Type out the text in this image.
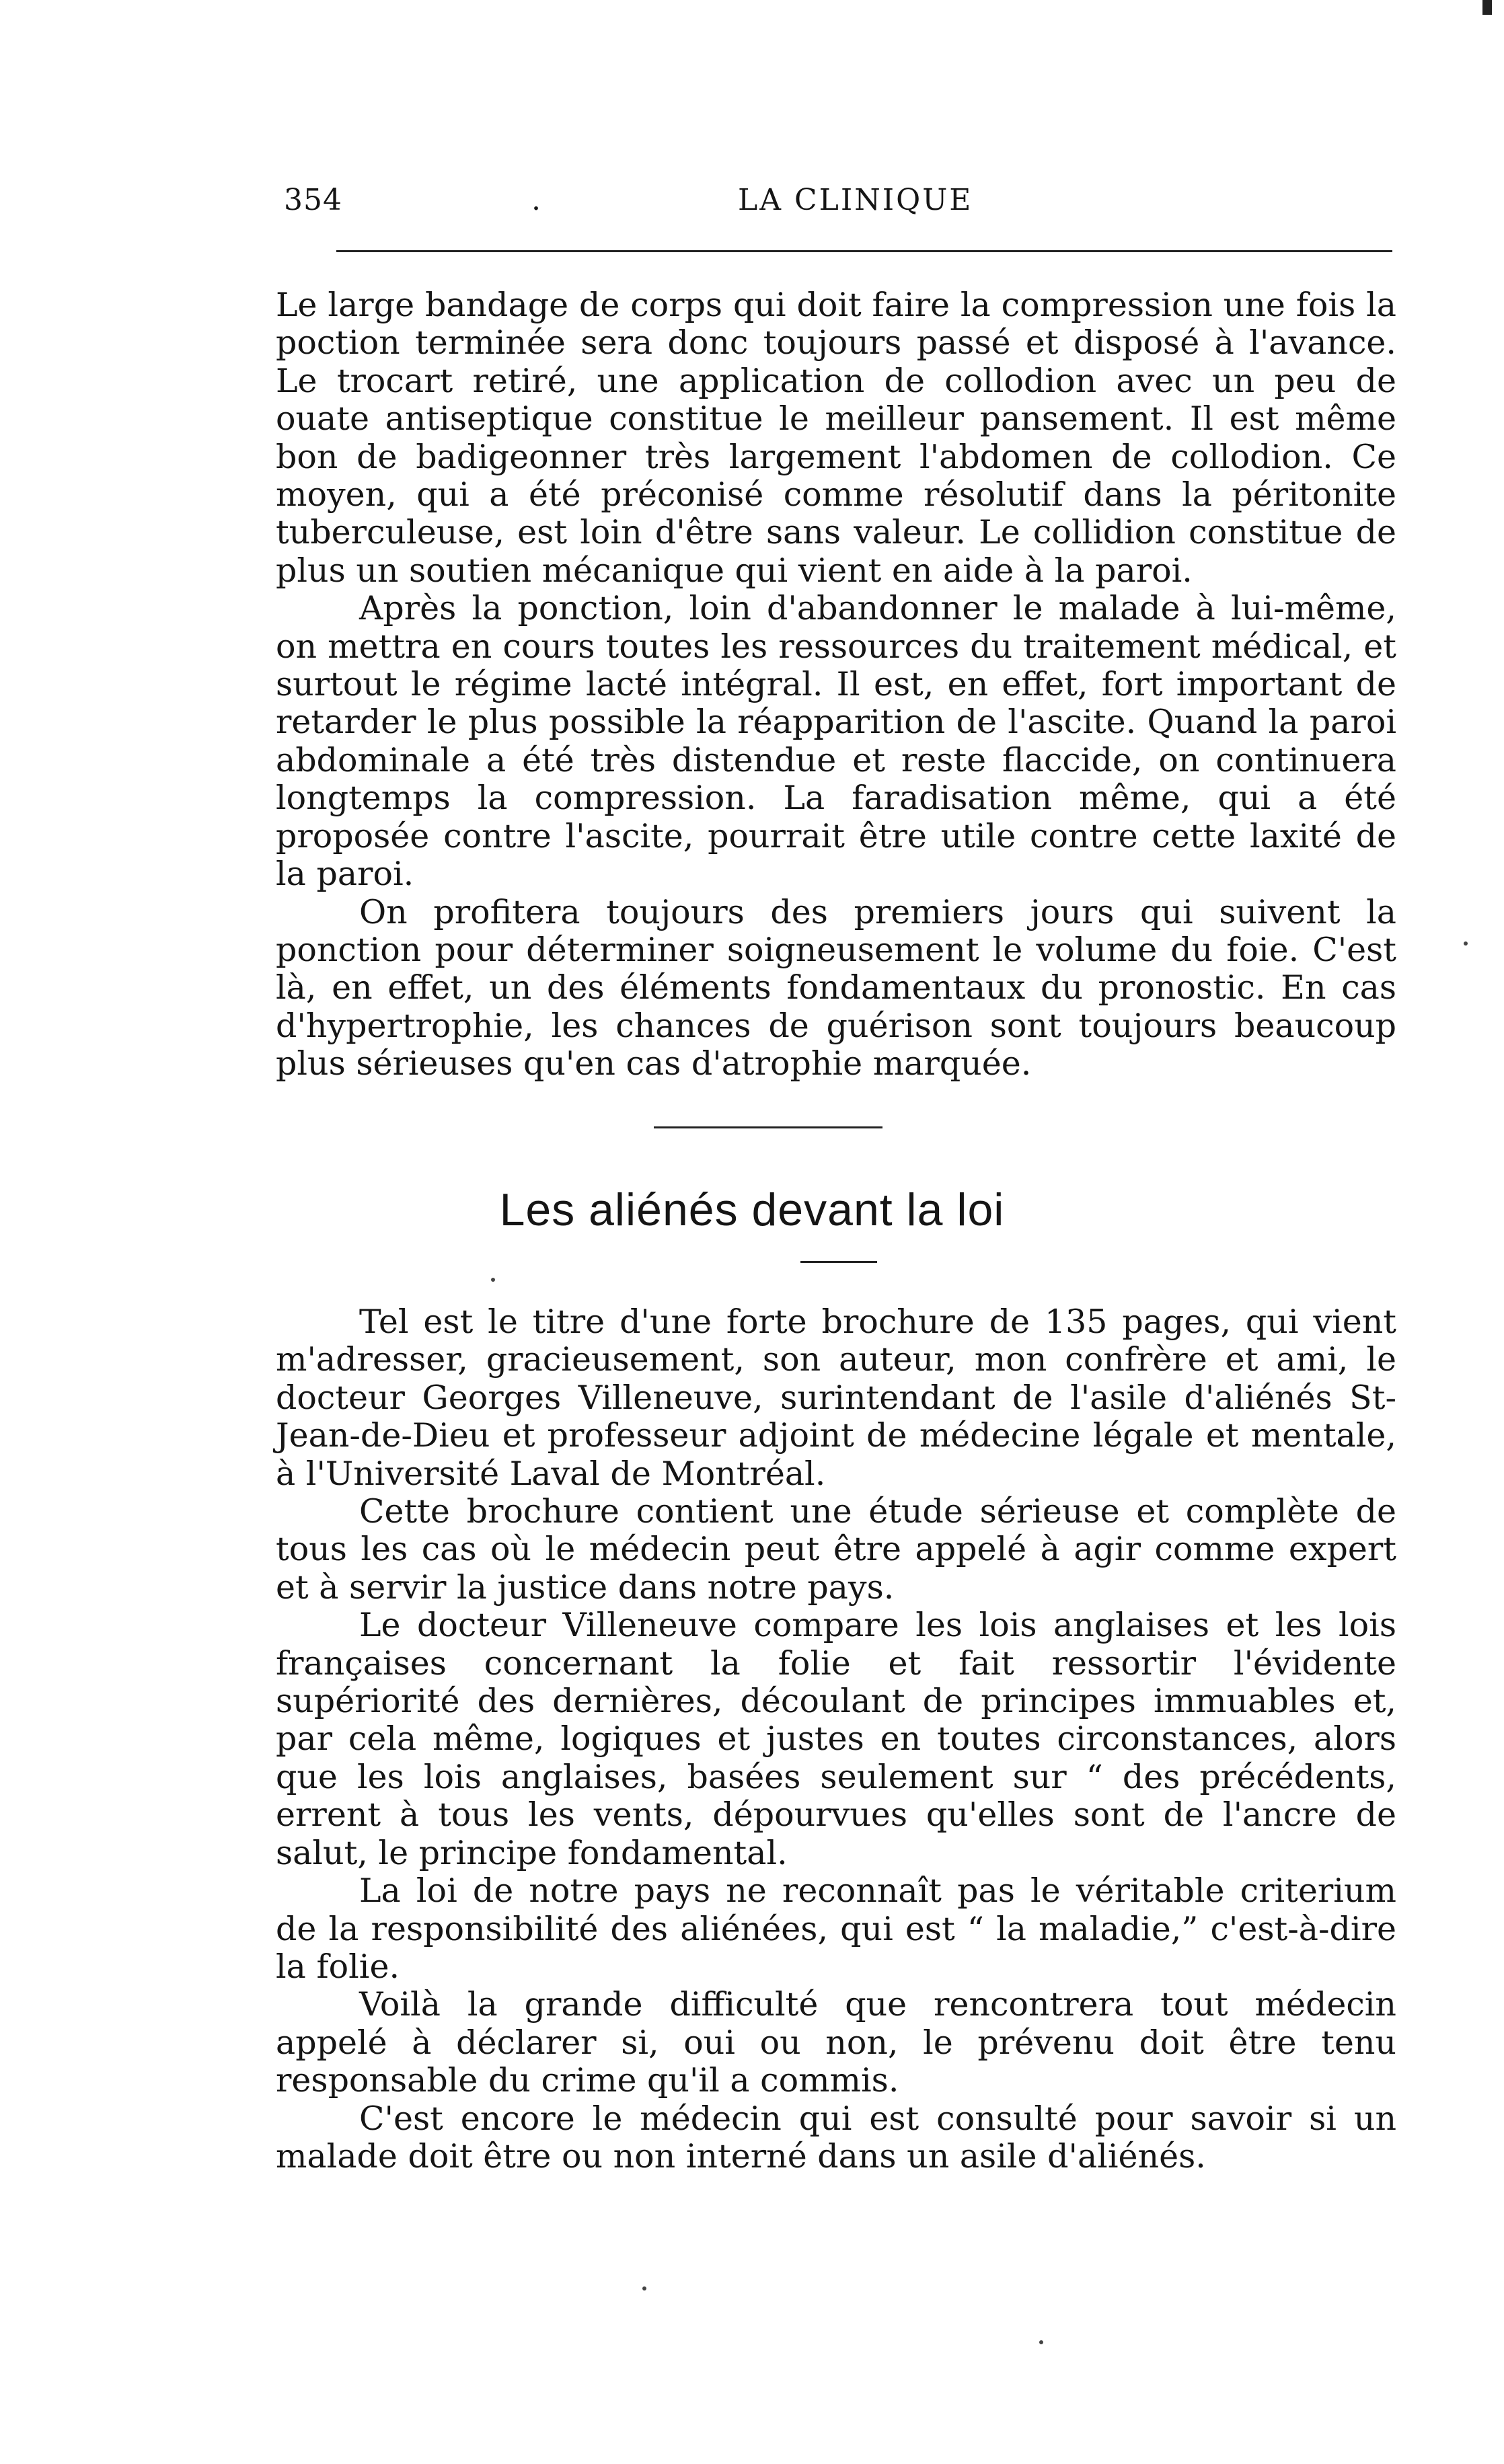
354	.	LA CLINIQUE

Le large bandage de corps qui doit faire la compression une fois la poction terminée sera donc toujours passé et disposé à l'avance. Le trocart retiré, une application de collodion avec un peu de ouate antiseptique constitue le meilleur pansement. Il est même bon de badigeonner très largement l'abdomen de collodion. Ce moyen, qui a été préconisé comme résolutif dans la péritonite tuberculeuse, est loin d'être sans valeur. Le collidion constitue de plus un soutien mécanique qui vient en aide à la paroi.

Après la ponction, loin d'abandonner le malade à lui-même, on mettra en cours toutes les ressources du traitement médical, et surtout le régime lacté intégral. Il est, en effet, fort important de retarder le plus possible la réapparition de l'ascite. Quand la paroi abdominale a été très distendue et reste flaccide, on continuera longtemps la compression. La faradisation même, qui a été proposée contre l'ascite, pourrait être utile contre cette laxité de la paroi.

On profitera toujours des premiers jours qui suivent la ponction pour déterminer soigneusement le volume du foie. C'est là, en effet, un des éléments fondamentaux du pronostic. En cas d'hypertrophie, les chances de guérison sont toujours beaucoup plus sérieuses qu'en cas d'atrophie marquée.

Les aliénés devant la loi

Tel est le titre d'une forte brochure de 135 pages, qui vient m'adresser, gracieusement, son auteur, mon confrère et ami, le docteur Georges Villeneuve, surintendant de l'asile d'aliénés St-Jean-de-Dieu et professeur adjoint de médecine légale et mentale, à l'Université Laval de Montréal.

Cette brochure contient une étude sérieuse et complète de tous les cas où le médecin peut être appelé à agir comme expert et à servir la justice dans notre pays.

Le docteur Villeneuve compare les lois anglaises et les lois françaises concernant la folie et fait ressortir l'évidente supériorité des dernières, découlant de principes immuables et, par cela même, logiques et justes en toutes circonstances, alors que les lois anglaises, basées seulement sur “ des précédents, errent à tous les vents, dépourvues qu'elles sont de l'ancre de salut, le principe fondamental.

La loi de notre pays ne reconnaît pas le véritable criterium de la responsibilité des aliénées, qui est “ la maladie,” c'est-à-dire la folie.

Voilà la grande difficulté que rencontrera tout médecin appelé à déclarer si, oui ou non, le prévenu doit être tenu responsable du crime qu'il a commis.

C'est encore le médecin qui est consulté pour savoir si un malade doit être ou non interné dans un asile d'aliénés.
